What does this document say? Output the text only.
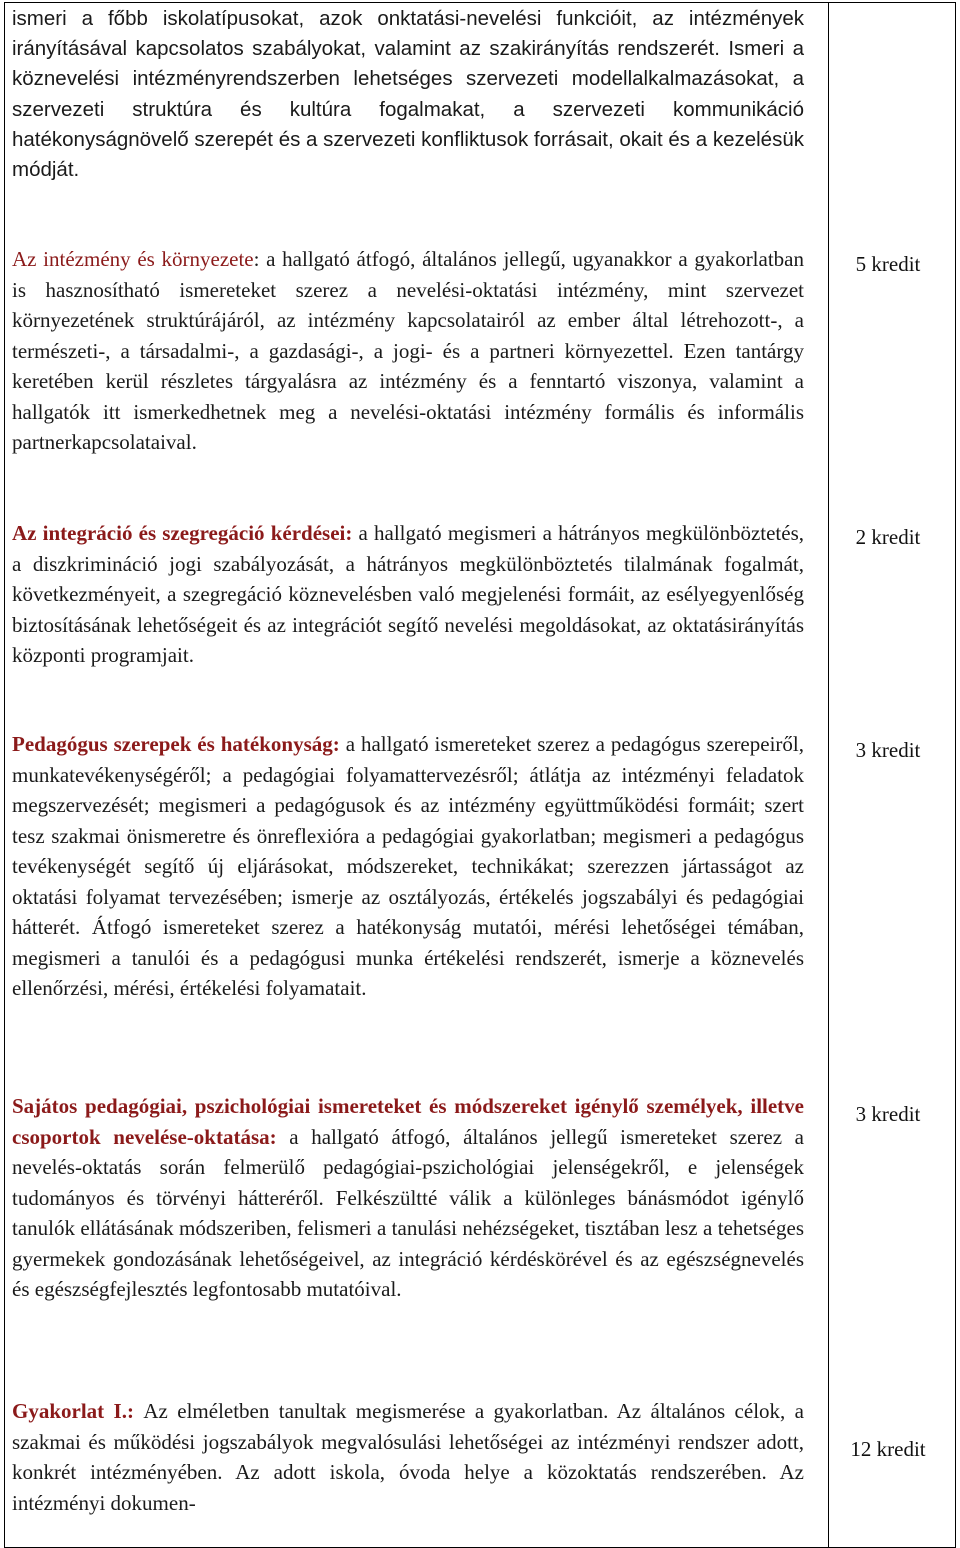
ismeri a főbb iskolatípusokat, azok onktatási-nevelési funkcióit, az intézmények irányításával kapcsolatos szabályokat, valamint az szakirányítás rendszerét. Ismeri a köznevelési intézményrendszerben lehetséges szervezeti modellalkalmazásokat, a szervezeti struktúra és kultúra fogalmakat, a szervezeti kommunikáció hatékonyságnövelő szerepét és a szervezeti konfliktusok forrásait, okait és a kezelésük módját.

Az intézmény és környezete: a hallgató átfogó, általános jellegű, ugyanakkor a gyakorlatban is hasznosítható ismereteket szerez a nevelési-oktatási intézmény, mint szervezet környezetének struktúrájáról, az intézmény kapcsolatairól az ember által létrehozott-, a természeti-, a társadalmi-, a gazdasági-, a jogi- és a partneri környezettel. Ezen tantárgy keretében kerül részletes tárgyalásra az intézmény és a fenntartó viszonya, valamint a hallgatók itt ismerkedhetnek meg a nevelési-oktatási intézmény formális és informális partnerkapcsolataival.

Az integráció és szegregáció kérdései: a hallgató megismeri a hátrányos megkülönböztetés, a diszkrimináció jogi szabályozását, a hátrányos megkülönböztetés tilalmának fogalmát, következményeit, a szegregáció köznevelésben való megjelenési formáit, az esélyegyenlőség biztosításának lehetőségeit és az integrációt segítő nevelési megoldásokat, az oktatásirányítás központi programjait.

Pedagógus szerepek és hatékonyság: a hallgató ismereteket szerez a pedagógus szerepeiről, munkatevékenységéről; a pedagógiai folyamattervezésről; átlátja az intézményi feladatok megszervezését; megismeri a pedagógusok és az intézmény együttműködési formáit; szert tesz szakmai önismeretre és önreflexióra a pedagógiai gyakorlatban; megismeri a pedagógus tevékenységét segítő új eljárásokat, módszereket, technikákat; szerezzen jártasságot az oktatási folyamat tervezésében; ismerje az osztályozás, értékelés jogszabályi és pedagógiai hátterét. Átfogó ismereteket szerez a hatékonyság mutatói, mérési lehetőségei témában, megismeri a tanulói és a pedagógusi munka értékelési rendszerét, ismerje a köznevelés ellenőrzési, mérési, értékelési folyamatait.

Sajátos pedagógiai, pszichológiai ismereteket és módszereket igénylő személyek, illetve csoportok nevelése-oktatása: a hallgató átfogó, általános jellegű ismereteket szerez a nevelés-oktatás során felmerülő pedagógiai-pszichológiai jelenségekről, e jelenségek tudományos és törvényi hátteréről. Felkészültté válik a különleges bánásmódot igénylő tanulók ellátásának módszeriben, felismeri a tanulási nehézségeket, tisztában lesz a tehetséges gyermekek gondozásának lehetőségeivel, az integráció kérdéskörével és az egészségnevelés és egészségfejlesztés legfontosabb mutatóival.

Gyakorlat I.: Az elméletben tanultak megismerése a gyakorlatban. Az általános célok, a szakmai és működési jogszabályok megvalósulási lehetőségei az intézményi rendszer adott, konkrét intézményében. Az adott iskola, óvoda helye a közoktatás rendszerében. Az intézményi dokumen-

5 kredit
2 kredit
3 kredit
3 kredit
12 kredit
